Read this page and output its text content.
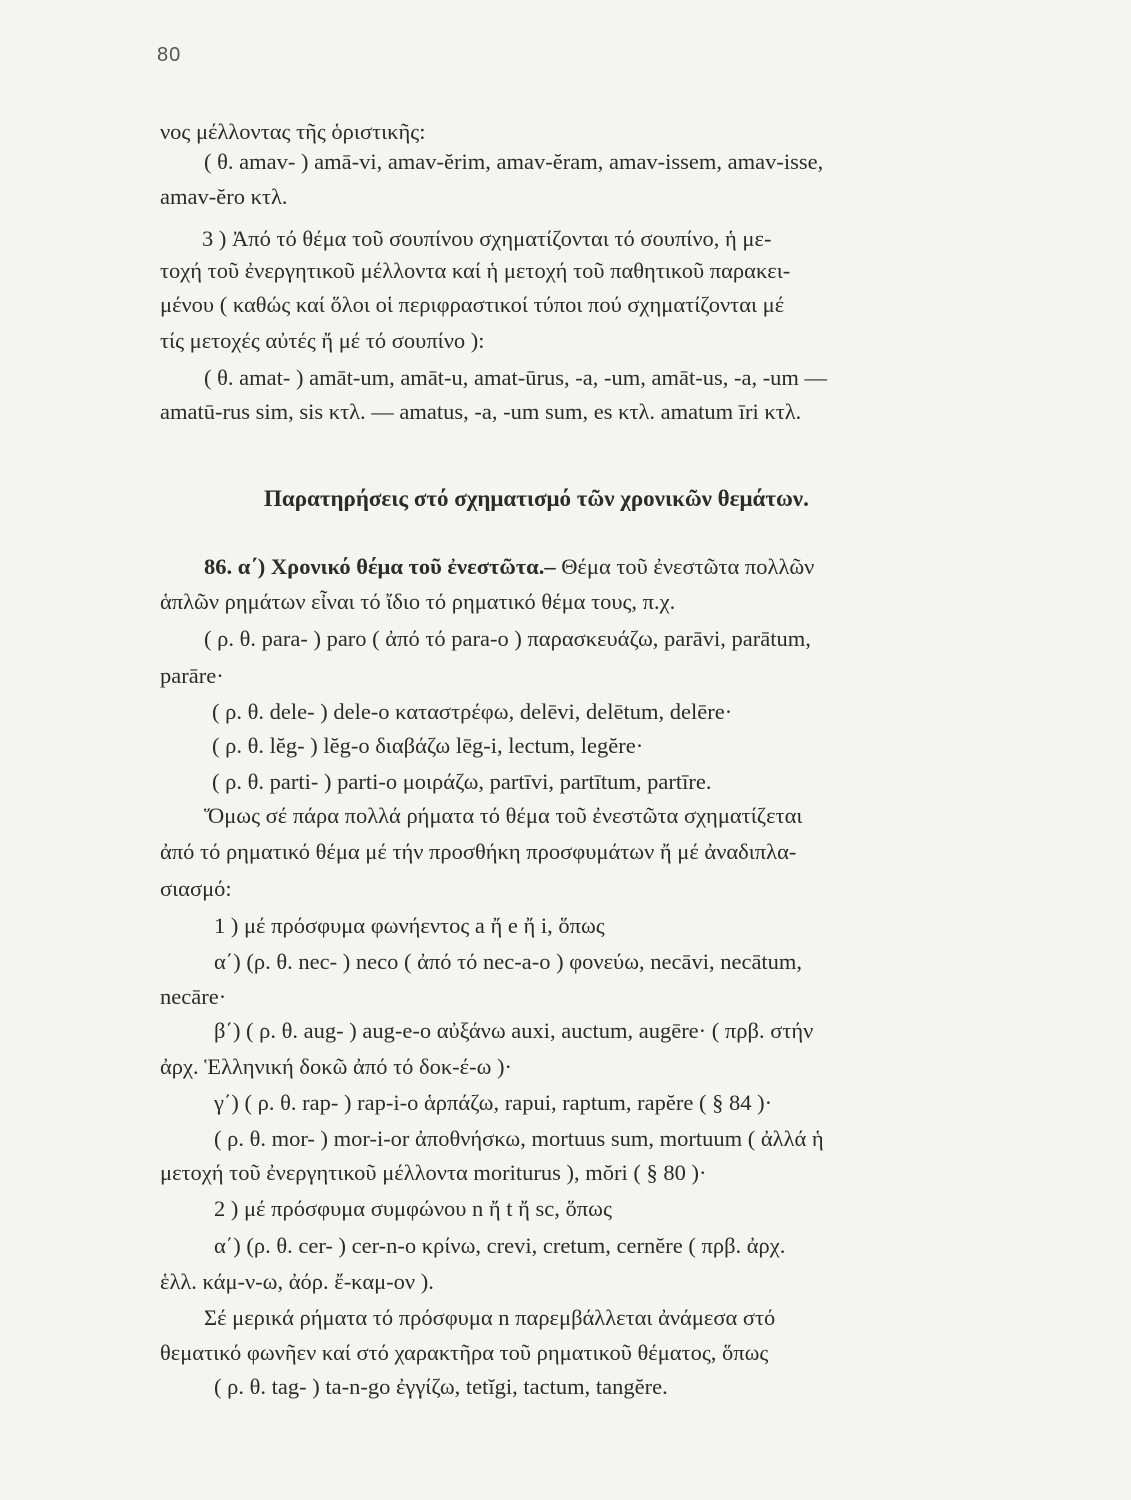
80
νος μέλλοντας τῆς ὁριστικῆς:
( θ. amav- ) amā-vi, amav-ĕrim, amav-ĕram, amav-issem, amav-isse,
amav-ĕro κτλ.
3 ) Ἀπό τό θέμα τοῦ σουπίνου σχηματίζονται τό σουπίνο, ἡ με-
τοχή τοῦ ἐνεργητικοῦ μέλλοντα καί ἡ μετοχή τοῦ παθητικοῦ παρακει-
μένου ( καθώς καί ὅλοι οἱ περιφραστικοί τύποι πού σχηματίζονται μέ
τίς μετοχές αὐτές ἤ μέ τό σουπίνο ):
( θ. amat- ) amāt-um, amāt-u, amat-ūrus, -a, -um, amāt-us, -a, -um —
amatū-rus sim, sis κτλ. — amatus, -a, -um sum, es κτλ. amatum īri κτλ.
Παρατηρήσεις στό σχηματισμό τῶν χρονικῶν θεμάτων.
86. α΄) Χρονικό θέμα τοῦ ἐνεστῶτα.– Θέμα τοῦ ἐνεστῶτα πολλῶν
ἁπλῶν ρημάτων εἶναι τό ἴδιο τό ρηματικό θέμα τους, π.χ.
( ρ. θ. para- ) paro ( ἀπό τό para-o ) παρασκευάζω, parāvi, parātum,
parāre·
( ρ. θ. dele- ) dele-o καταστρέφω, delēvi, delētum, delēre·
( ρ. θ. lĕg- ) lĕg-o διαβάζω lēg-i, lectum, legĕre·
( ρ. θ. parti- ) parti-o μοιράζω, partīvi, partītum, partīre.
Ὅμως σέ πάρα πολλά ρήματα τό θέμα τοῦ ἐνεστῶτα σχηματίζεται
ἀπό τό ρηματικό θέμα μέ τήν προσθήκη προσφυμάτων ἤ μέ ἀναδιπλα-
σιασμό:
1 ) μέ πρόσφυμα φωνήεντος a ἤ e ἤ i, ὅπως
α΄) (ρ. θ. nec- ) neco ( ἀπό τό nec-a-o ) φονεύω, necāvi, necātum,
necāre·
β΄) ( ρ. θ. aug- ) aug-e-o αὐξάνω auxi, auctum, augēre· ( πρβ. στήν
ἀρχ. Ἑλληνική δοκῶ ἀπό τό δοκ-έ-ω )·
γ΄) ( ρ. θ. rap- ) rap-i-o ἁρπάζω, rapui, raptum, rapĕre ( § 84 )·
( ρ. θ. mor- ) mor-i-or ἀποθνήσκω, mortuus sum, mortuum ( ἀλλά ἡ
μετοχή τοῦ ἐνεργητικοῦ μέλλοντα moriturus ), mŏri ( § 80 )·
2 ) μέ πρόσφυμα συμφώνου n ἤ t ἤ sc, ὅπως
α΄) (ρ. θ. cer- ) cer-n-o κρίνω, crevi, cretum, cernĕre ( πρβ. ἀρχ.
ἑλλ. κάμ-ν-ω, ἀόρ. ἔ-καμ-ον ).
Σέ μερικά ρήματα τό πρόσφυμα n παρεμβάλλεται ἀνάμεσα στό
θεματικό φωνῆεν καί στό χαρακτῆρα τοῦ ρηματικοῦ θέματος, ὅπως
( ρ. θ. tag- ) ta-n-go ἐγγίζω, tetĭgi, tactum, tangĕre.
